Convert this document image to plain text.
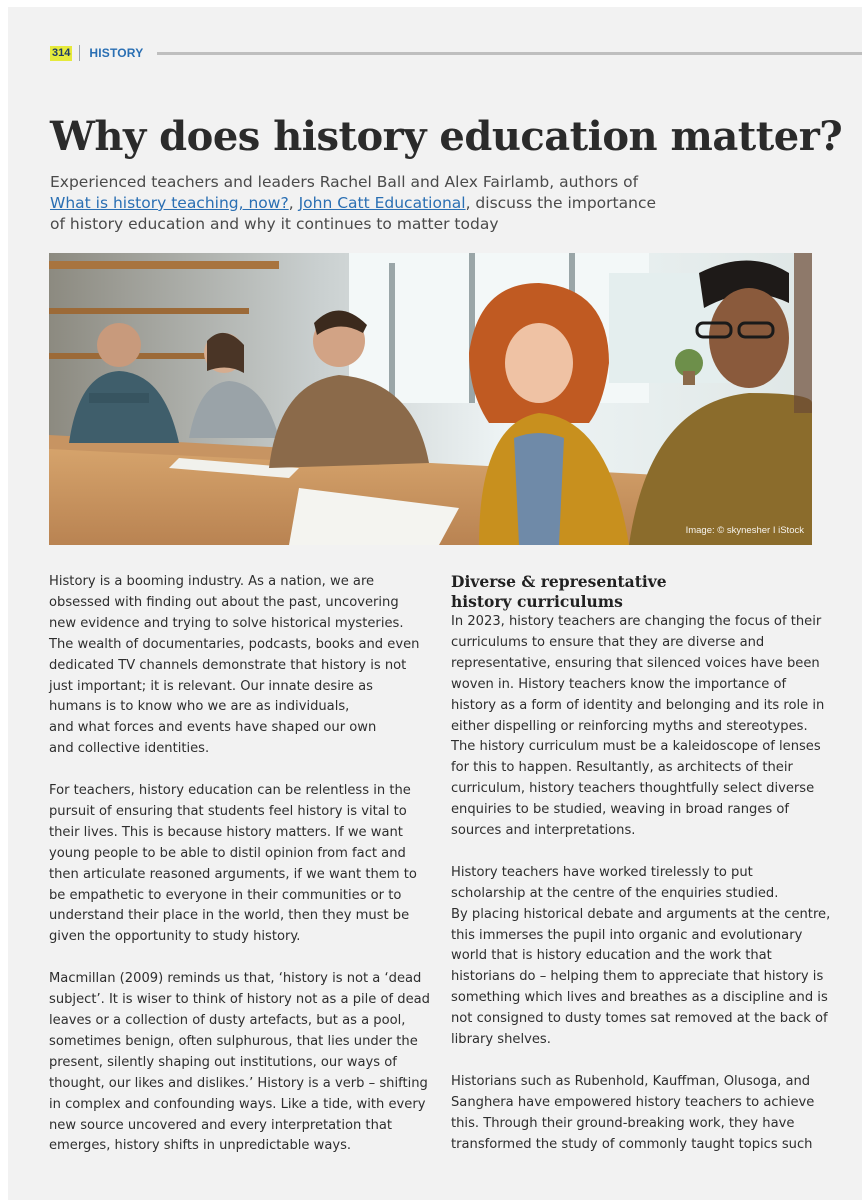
314 HISTORY
Why does history education matter?

Experienced teachers and leaders Rachel Ball and Alex Fairlamb, authors of
What is history teaching, now?, John Catt Educational, discuss the importance
of history education and why it continues to matter today

Image: © skynesher I iStock

History is a booming industry. As a nation, we are
obsessed with finding out about the past, uncovering
new evidence and trying to solve historical mysteries.
The wealth of documentaries, podcasts, books and even
dedicated TV channels demonstrate that history is not
just important; it is relevant. Our innate desire as
humans is to know who we are as individuals,
and what forces and events have shaped our own
and collective identities.

For teachers, history education can be relentless in the
pursuit of ensuring that students feel history is vital to
their lives. This is because history matters. If we want
young people to be able to distil opinion from fact and
then articulate reasoned arguments, if we want them to
be empathetic to everyone in their communities or to
understand their place in the world, then they must be
given the opportunity to study history.

Macmillan (2009) reminds us that, ‘history is not a ‘dead
subject’. It is wiser to think of history not as a pile of dead
leaves or a collection of dusty artefacts, but as a pool,
sometimes benign, often sulphurous, that lies under the
present, silently shaping out institutions, our ways of
thought, our likes and dislikes.’ History is a verb – shifting
in complex and confounding ways. Like a tide, with every
new source uncovered and every interpretation that
emerges, history shifts in unpredictable ways.

Diverse & representative
history curriculums

In 2023, history teachers are changing the focus of their
curriculums to ensure that they are diverse and
representative, ensuring that silenced voices have been
woven in. History teachers know the importance of
history as a form of identity and belonging and its role in
either dispelling or reinforcing myths and stereotypes.
The history curriculum must be a kaleidoscope of lenses
for this to happen. Resultantly, as architects of their
curriculum, history teachers thoughtfully select diverse
enquiries to be studied, weaving in broad ranges of
sources and interpretations.

History teachers have worked tirelessly to put
scholarship at the centre of the enquiries studied.
By placing historical debate and arguments at the centre,
this immerses the pupil into organic and evolutionary
world that is history education and the work that
historians do – helping them to appreciate that history is
something which lives and breathes as a discipline and is
not consigned to dusty tomes sat removed at the back of
library shelves.

Historians such as Rubenhold, Kauffman, Olusoga, and
Sanghera have empowered history teachers to achieve
this. Through their ground-breaking work, they have
transformed the study of commonly taught topics such
